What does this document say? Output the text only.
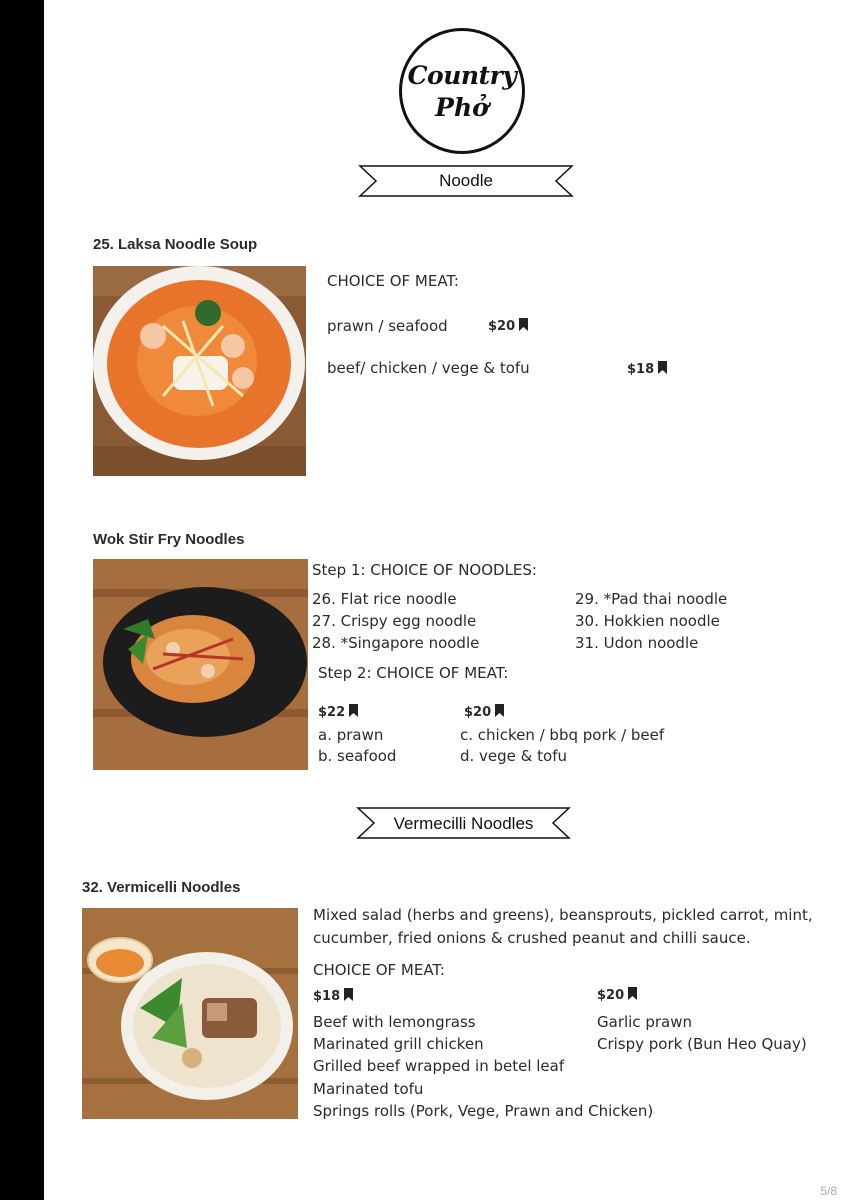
Country
Phở
Noodle
25. Laksa Noodle Soup
CHOICE OF MEAT:
prawn / seafood	$20
beef/ chicken / vege & tofu	$18
Wok Stir Fry Noodles
Step 1: CHOICE OF NOODLES:
26. Flat rice noodle
27. Crispy egg noodle
28. *Singapore noodle
29. *Pad thai noodle
30. Hokkien noodle
31. Udon noodle
Step 2: CHOICE OF MEAT:
$22
a. prawn
b. seafood
$20
c. chicken / bbq pork / beef
d. vege & tofu
Vermecilli Noodles
32. Vermicelli Noodles
Mixed salad (herbs and greens), beansprouts, pickled carrot, mint,
cucumber, fried onions & crushed peanut and chilli sauce.
CHOICE OF MEAT:
$18
Beef with lemongrass
Marinated grill chicken
Grilled beef wrapped in betel leaf
Marinated tofu
Springs rolls (Pork, Vege, Prawn and Chicken)
$20
Garlic prawn
Crispy pork (Bun Heo Quay)
5/8
